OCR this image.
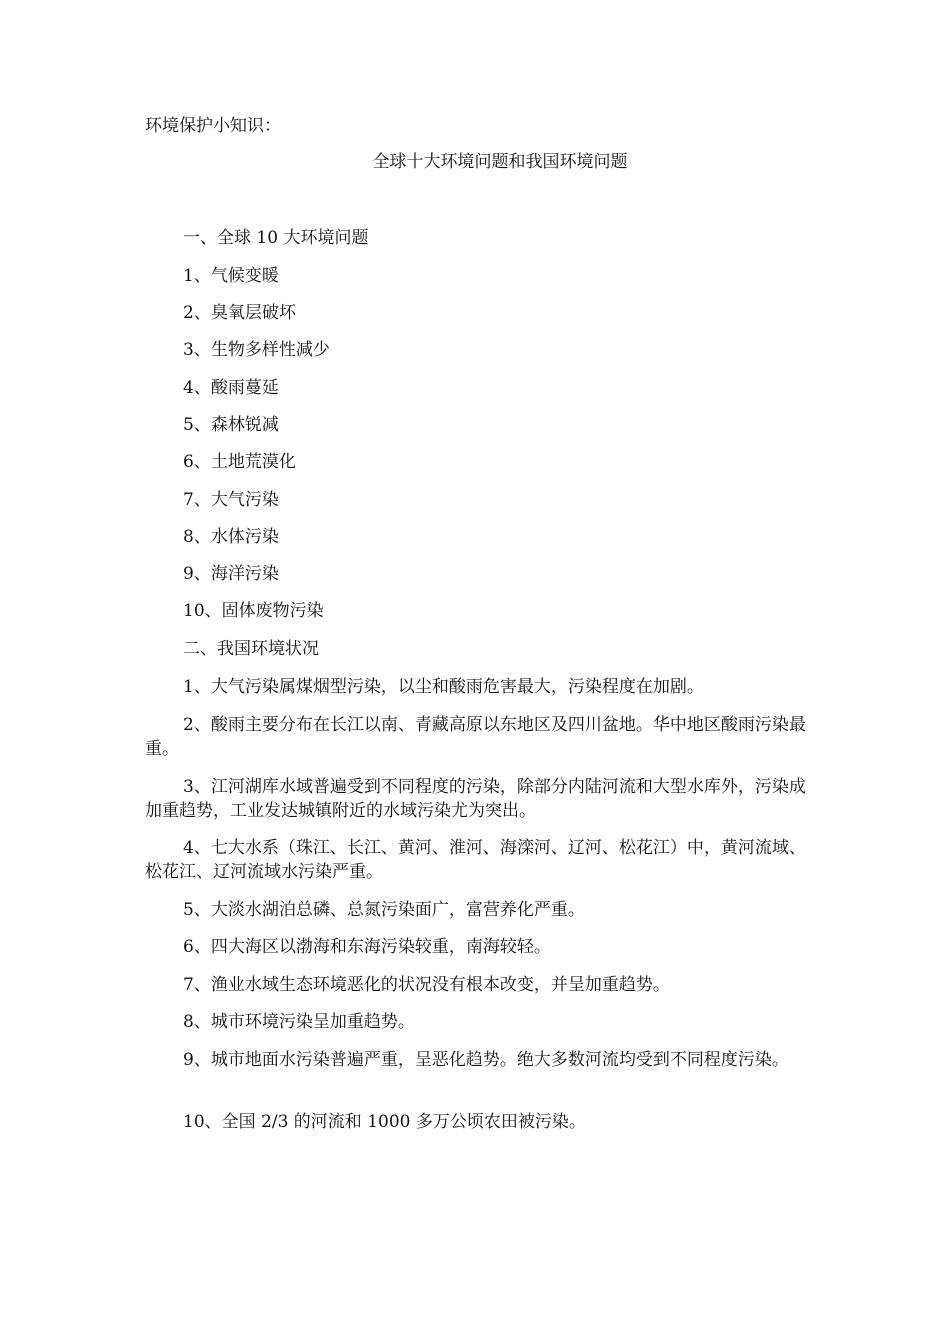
环境保护小知识：
全球十大环境问题和我国环境问题
一、全球 10 大环境问题
1、气候变暖
2、臭氧层破坏
3、生物多样性减少
4、酸雨蔓延
5、森林锐减
6、土地荒漠化
7、大气污染
8、水体污染
9、海洋污染
10、固体废物污染
二、我国环境状况
1、大气污染属煤烟型污染，以尘和酸雨危害最大，污染程度在加剧。
2、酸雨主要分布在长江以南、青藏高原以东地区及四川盆地。华中地区酸雨污染最重。
3、江河湖库水域普遍受到不同程度的污染，除部分内陆河流和大型水库外，污染成加重趋势，工业发达城镇附近的水域污染尤为突出。
4、七大水系（珠江、长江、黄河、淮河、海滦河、辽河、松花江）中，黄河流域、松花江、辽河流域水污染严重。
5、大淡水湖泊总磷、总氮污染面广，富营养化严重。
6、四大海区以渤海和东海污染较重，南海较轻。
7、渔业水域生态环境恶化的状况没有根本改变，并呈加重趋势。
8、城市环境污染呈加重趋势。
9、城市地面水污染普遍严重，呈恶化趋势。绝大多数河流均受到不同程度污染。
10、全国 2/3 的河流和 1000 多万公顷农田被污染。
